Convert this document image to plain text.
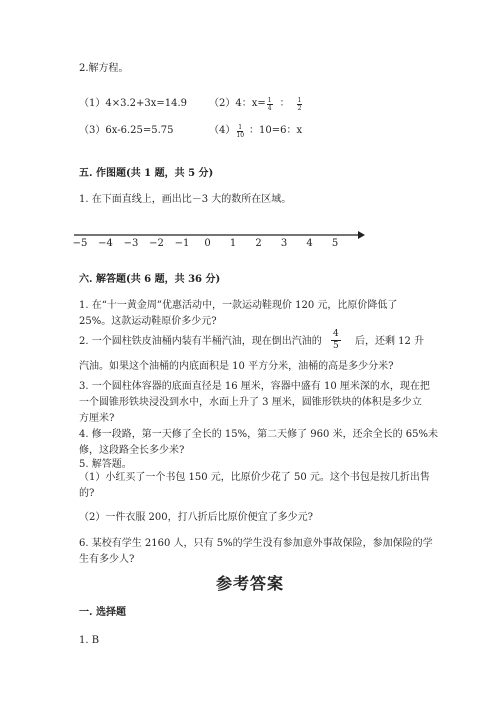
2.解方程。
（1）4×3.2+3x=14.9 （2）4：$x= \frac{1}{4}$ ： $\frac{1}{2}$
（3）6x-6.25=5.75	$(4) \frac{1}{10}$ ：10=6：x
五. 作图题(共 1 题，共 5 分)
1. 在下面直线上，画出比－3 大的数所在区域。
−5 −4 −3 −2 −1 0 1 2 3 4 5
六. 解答题(共 6 题，共 36 分)
1. 在“十一黄金周”优惠活动中，一款运动鞋现价 120 元，比原价降低了
25%。这款运动鞋原价多少元?
2. 一个圆柱铁皮油桶内装有半桶汽油，现在倒出汽油的 $\frac{4}{5}$ 后，还剩 12 升
汽油。如果这个油桶的内底面积是 10 平方分米，油桶的高是多少分米?
3. 一个圆柱体容器的底面直径是 16 厘米，容器中盛有 10 厘米深的水，现在把
一个圆锥形铁块浸没到水中，水面上升了 3 厘米，圆锥形铁块的体积是多少立
方厘米?
4. 修一段路，第一天修了全长的 15%，第二天修了 960 米，还余全长的 65%未
修，这段路全长多少米?
5. 解答题。
（1）小红买了一个书包 150 元，比原价少花了 50 元。这个书包是按几折出售
的?
（2）一件衣服 200，打八折后比原价便宜了多少元?
6. 某校有学生 2160 人，只有 5%的学生没有参加意外事故保险，参加保险的学
生有多少人?
参考答案
一. 选择题
1. B
